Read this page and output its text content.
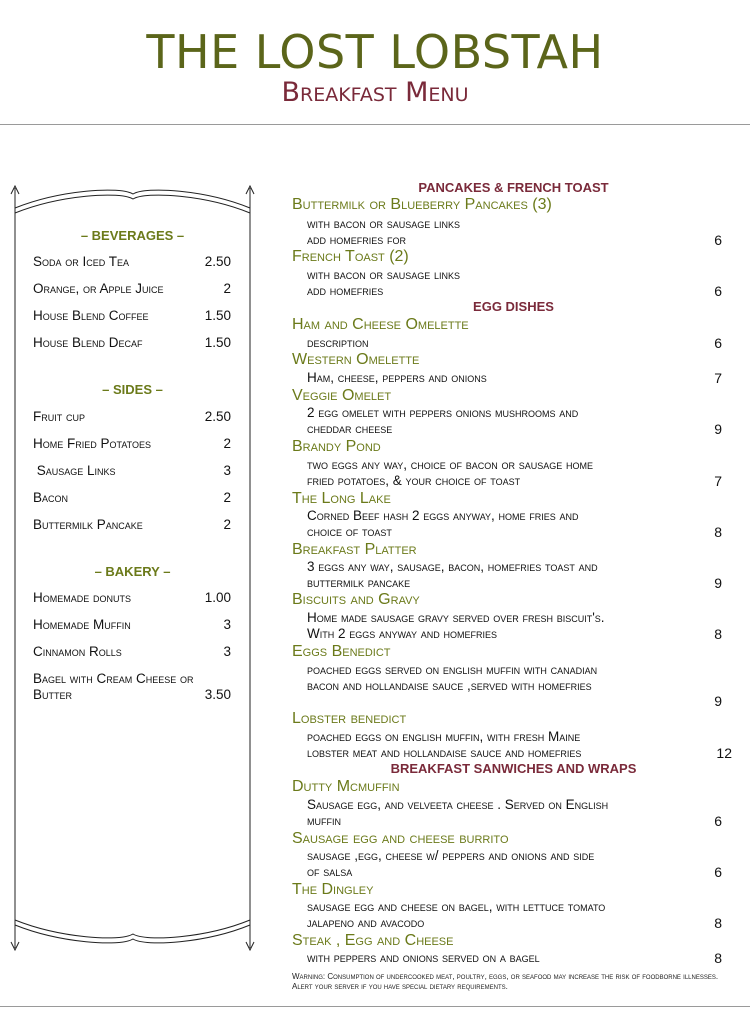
THE LOST LOBSTAH
Breakfast Menu
– BEVERAGES –
Soda or Iced Tea	2.50
Orange, or Apple Juice	2
House Blend Coffee	1.50
House Blend Decaf	1.50
– SIDES –
Fruit cup	2.50
Home Fried Potatoes	2
Sausage Links	3
Bacon	2
Buttermilk Pancake	2
– BAKERY –
Homemade donuts	1.00
Homemade Muffin	3
Cinnamon Rolls	3
Bagel with Cream Cheese or Butter	3.50
PANCAKES & FRENCH TOAST
Buttermilk or Blueberry Pancakes (3)
with bacon or sausage links
add homefries for	6
French Toast (2)
with bacon or sausage links
add homefries	6
EGG DISHES
Ham and Cheese Omelette
description	6
Western Omelette
Ham, cheese, peppers and onions	7
Veggie Omelet
2 egg omelet with peppers onions mushrooms and
cheddar cheese	9
Brandy Pond
two eggs any way, choice of bacon or sausage home
fried potatoes, & your choice of toast	7
The Long Lake
Corned Beef hash 2 eggs anyway, home fries and
choice of toast	8
Breakfast Platter
3 eggs any way, sausage, bacon, homefries toast and
buttermilk pancake	9
Biscuits and Gravy
Home made sausage gravy served over fresh biscuit's.
With 2 eggs anyway and homefries	8
Eggs Benedict
poached eggs served on english muffin with canadian
bacon and hollandaise sauce ,served with homefries
9
Lobster benedict
poached eggs on english muffin, with fresh Maine
lobster meat and hollandaise sauce and homefries	12
BREAKFAST SANWICHES AND WRAPS
Dutty Mcmuffin
Sausage egg, and velveeta cheese . Served on English
muffin	6
Sausage egg and cheese burrito
sausage ,egg, cheese w/ peppers and onions and side
of salsa	6
The Dingley
sausage egg and cheese on bagel, with lettuce tomato
jalapeno and avacodo	8
Steak , Egg and Cheese
with peppers and onions served on a bagel	8
Warning: Consumption of undercooked meat, poultry, eggs, or seafood may increase the risk of foodborne illnesses. Alert your server if you have special dietary requirements.
